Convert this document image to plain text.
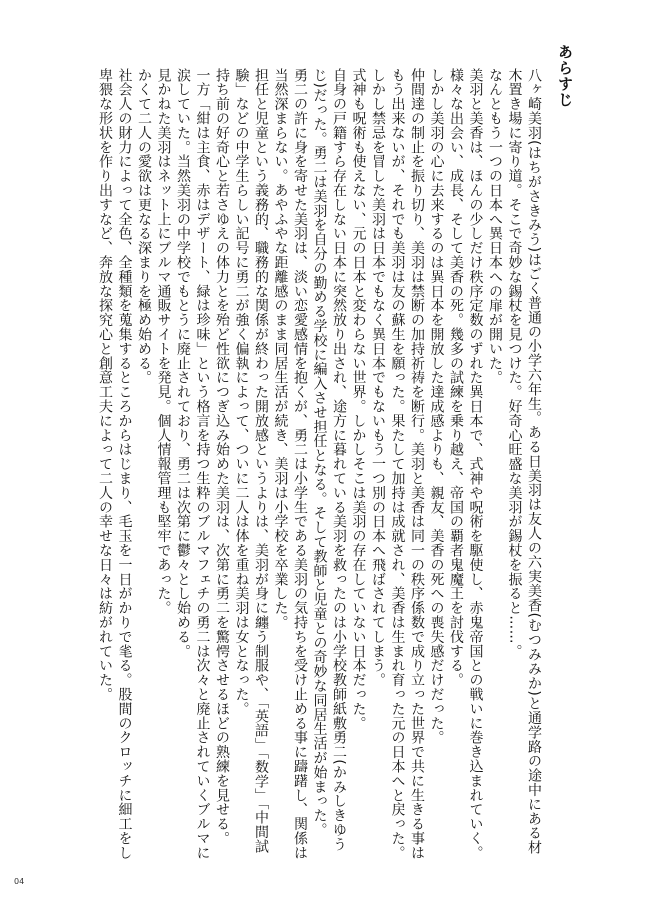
あらすじ

八ヶ崎美羽(はちがさきみう)はごく普通の小学六年生。ある日美羽は友人の六実美香(むつみみか)と通学路の途中にある材木置き場に寄り道。そこで奇妙な錫杖を見つけた。好奇心旺盛な美羽が錫杖を振ると……。

なんともう一つの日本へ異日本への扉が開いた。

美羽と美香は、ほんの少しだけ秩序定数のずれた異日本で、式神や呪術を駆使し、赤鬼帝国との戦いに巻き込まれていく。

様々な出会い、成長、そして美香の死。幾多の試練を乗り越え、帝国の覇者鬼魔王を討伐する。

しかし美羽の心に去来するのは異日本を開放した達成感よりも、親友、美香の死への喪失感だけだった。

仲間達の制止を振り切り、美羽は禁断の加持祈祷を断行。美羽と美香は同一の秩序係数で成り立った世界で共に生きる事はもう出来ないが、それでも美羽は友の蘇生を願った。果たして加持は成就され、美香は生まれ育った元の日本へと戻った。

しかし禁忌を冒した美羽は日本でもなく異日本でもないもう一つ別の日本へ飛ばされてしまう。

式神も呪術も使えない、元の日本と変わらない世界。しかしそこは美羽の存在していない日本だった。

自身の戸籍すら存在しない日本に突然放り出され、途方に暮れている美羽を救ったのは小学校教師紙敷勇二(かみしきゆうじ)だった。勇二は美羽を自分の勤める学校に編入させ担任となる。そして教師と児童との奇妙な同居生活が始まった。

勇二の許に身を寄せた美羽は、淡い恋愛感情を抱くが、勇二は小学生である美羽の気持ちを受け止める事に躊躇し、関係は当然深まらない。あやふやな距離感のまま同居生活が続き、美羽は小学校を卒業した。

担任と児童という義務的、職務的な関係が終わった開放感というよりは、美羽が身に纏う制服や、「英語」「数学」「中間試験」などの中学生らしい記号に勇二が強く偏執によって、ついに二人は体を重ね美羽は女となった。

持ち前の好奇心と若さゆえの体力とを殆ど性欲につぎ込み始めた美羽は、次第に勇二を驚愕させるほどの熟練を見せる。

一方「紺は主食、赤はデザート、緑は珍味」という格言を持つ生粋のブルマフェチの勇二は次々と廃止されていくブルマに涙していた。当然美羽の中学校でもとうに廃止されており、勇二は次第に鬱々とし始める。

見かねた美羽はネット上にブルマ通販サイトを発見。個人情報管理も堅牢であった。

かくて二人の愛欲は更なる深まりを極め始める。

社会人の財力によって全色、全種類を蒐集するところからはじまり、毛玉を一日がかりで毟る。股間のクロッチに細工をし卑猥な形状を作り出すなど、奔放な探究心と創意工夫によって二人の幸せな日々は紡がれていた。

04
